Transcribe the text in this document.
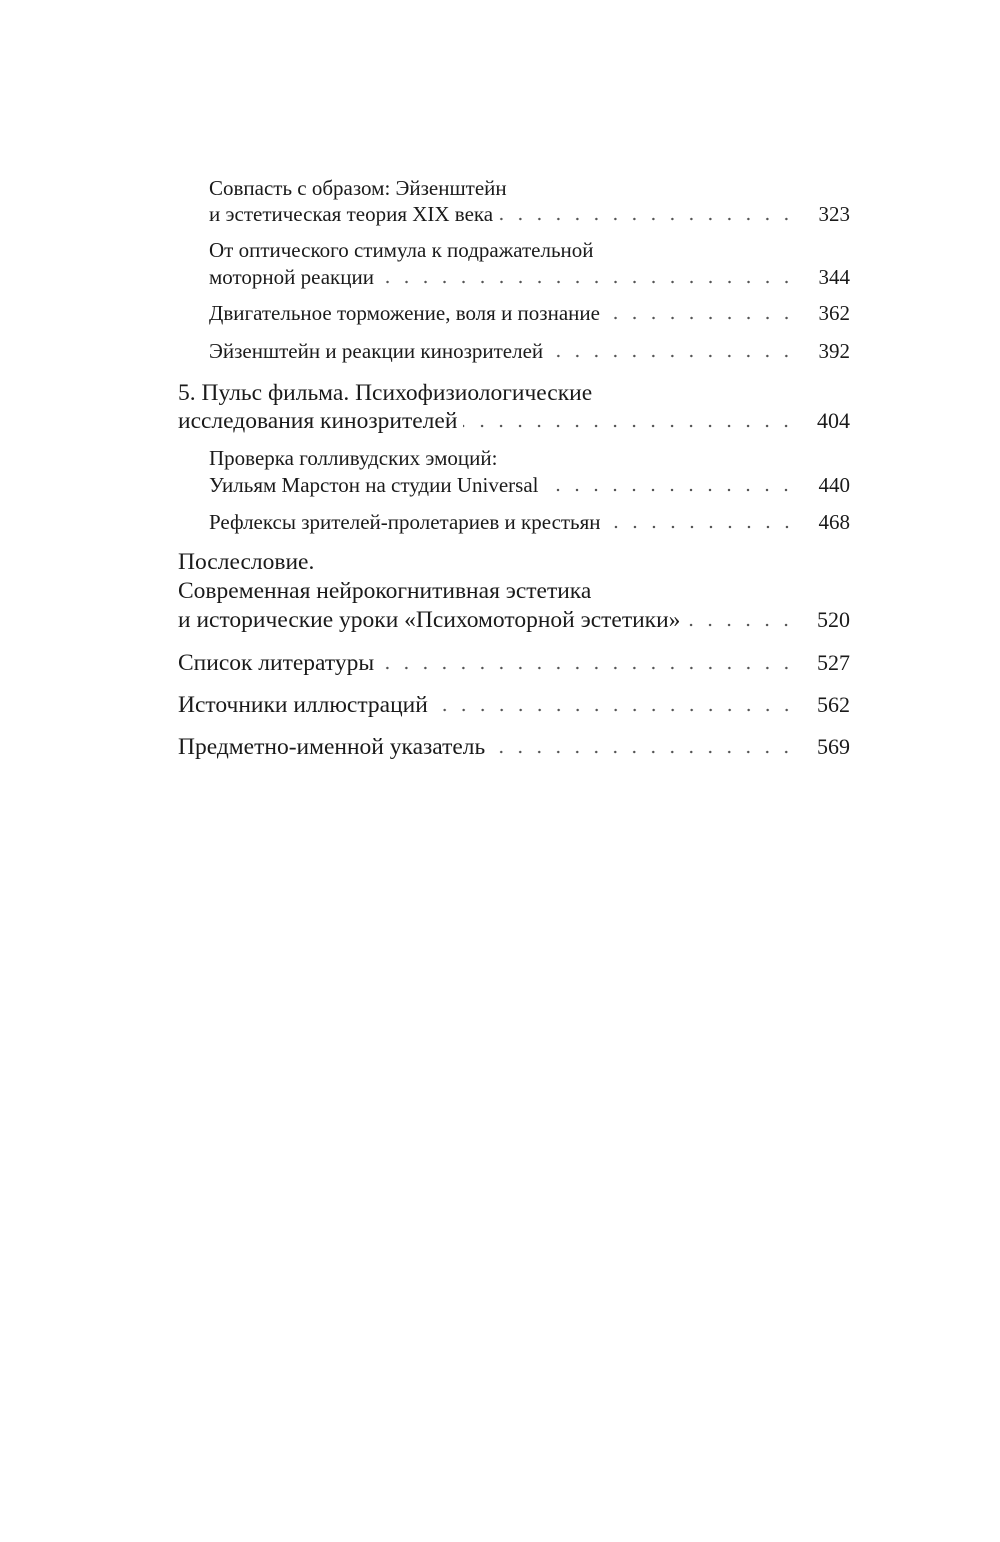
Совпасть с образом: Эйзенштейн
и эстетическая теория XIX века	323
От оптического стимула к подражательной
моторной реакции	344
Двигательное торможение, воля и познание	362
Эйзенштейн и реакции кинозрителей	392
5. Пульс фильма. Психофизиологические
исследования кинозрителей	404
Проверка голливудских эмоций:
Уильям Марстон на студии Universal	440
Рефлексы зрителей-пролетариев и крестьян	468
Послесловие.
Современная нейрокогнитивная эстетика
и исторические уроки «Психомоторной эстетики»	520
Список литературы	527
Источники иллюстраций	562
Предметно-именной указатель	569
